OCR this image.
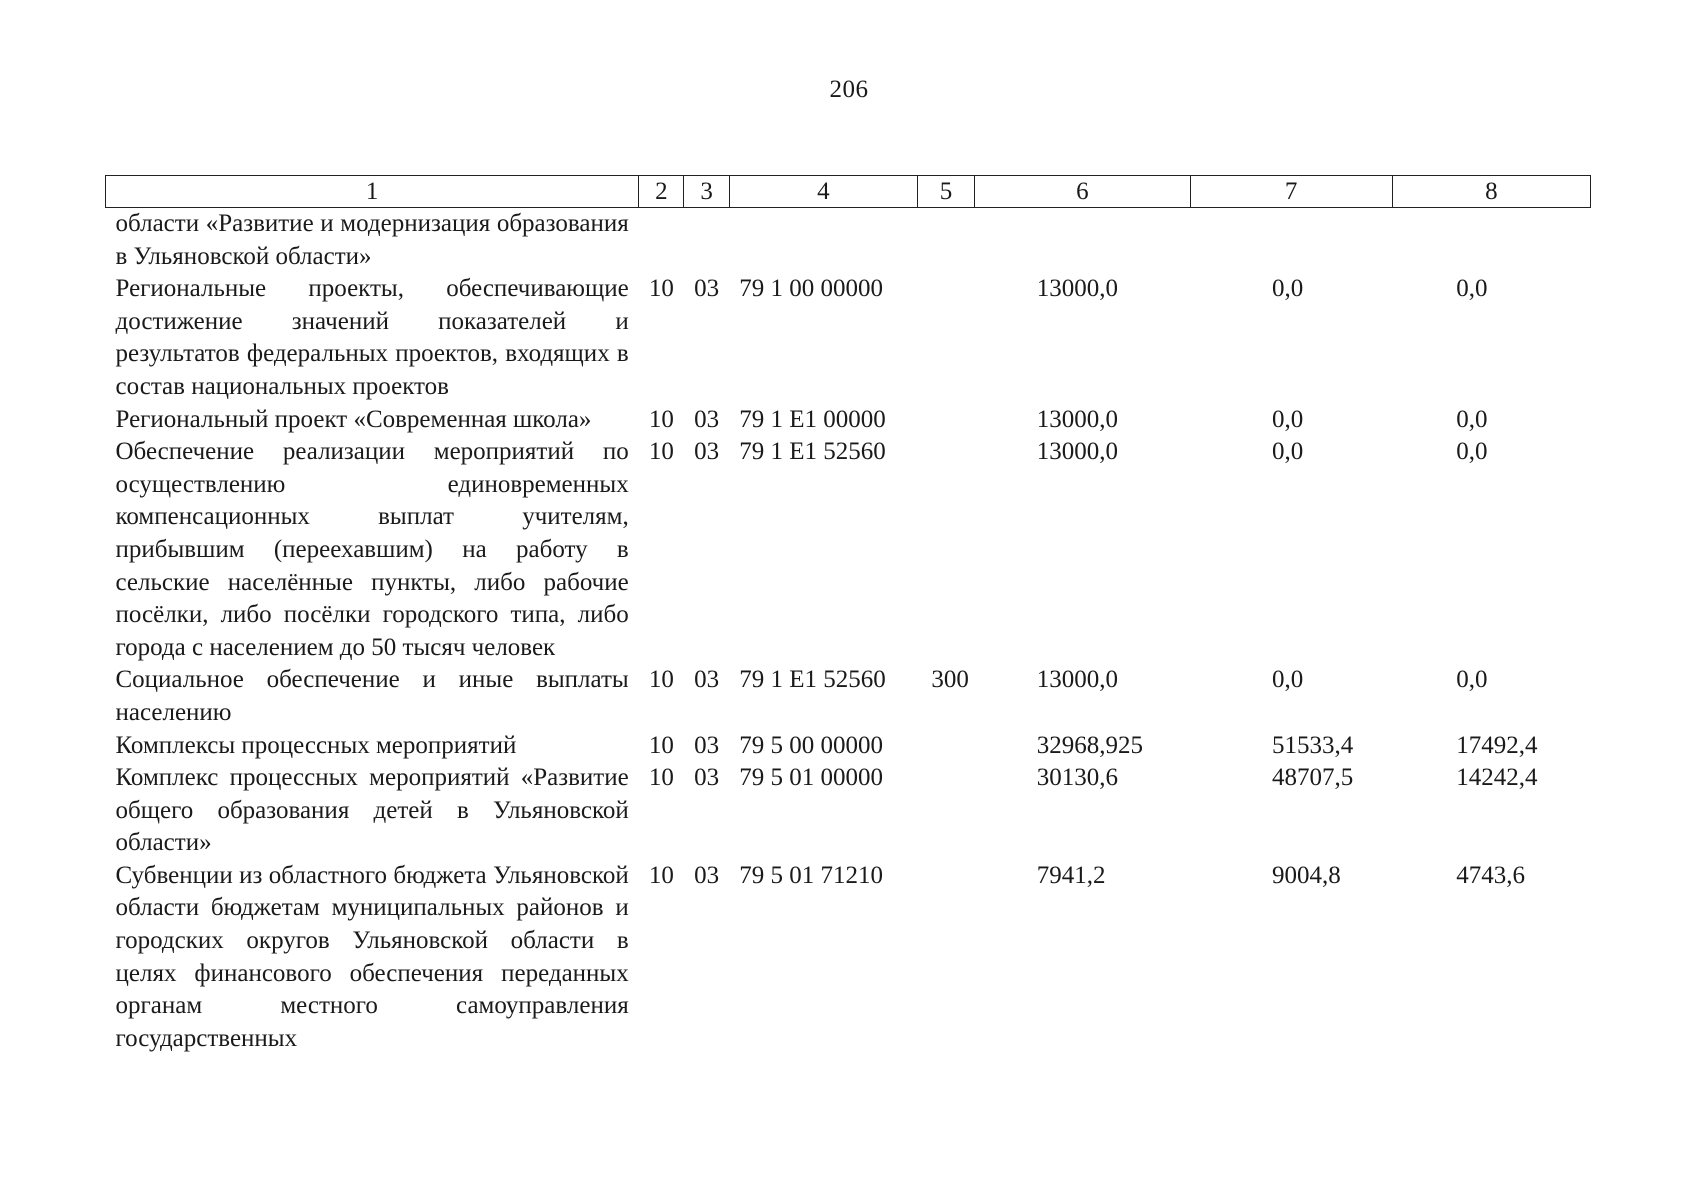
206
1	2	3	4	5	6	7	8
области «Развитие и модернизация образования в Ульяновской области»							
Региональные проекты, обеспечивающие достижение значений показателей и результатов федеральных проектов, входящих в состав национальных проектов	10	03	79 1 00 00000		13000,0	0,0	0,0
Региональный проект «Современная школа»	10	03	79 1 E1 00000		13000,0	0,0	0,0
Обеспечение реализации мероприятий по осуществлению единовременных компенсационных выплат учителям, прибывшим (переехавшим) на работу в сельские населённые пункты, либо рабочие посёлки, либо посёлки городского типа, либо города с населением до 50 тысяч человек	10	03	79 1 E1 52560		13000,0	0,0	0,0
Социальное обеспечение и иные выплаты населению	10	03	79 1 E1 52560	300	13000,0	0,0	0,0
Комплексы процессных мероприятий	10	03	79 5 00 00000		32968,925	51533,4	17492,4
Комплекс процессных мероприятий «Развитие общего образования детей в Ульяновской области»	10	03	79 5 01 00000		30130,6	48707,5	14242,4
Субвенции из областного бюджета Ульяновской области бюджетам муниципальных районов и городских округов Ульяновской области в целях финансового обеспечения переданных органам местного самоуправления государственных	10	03	79 5 01 71210		7941,2	9004,8	4743,6
